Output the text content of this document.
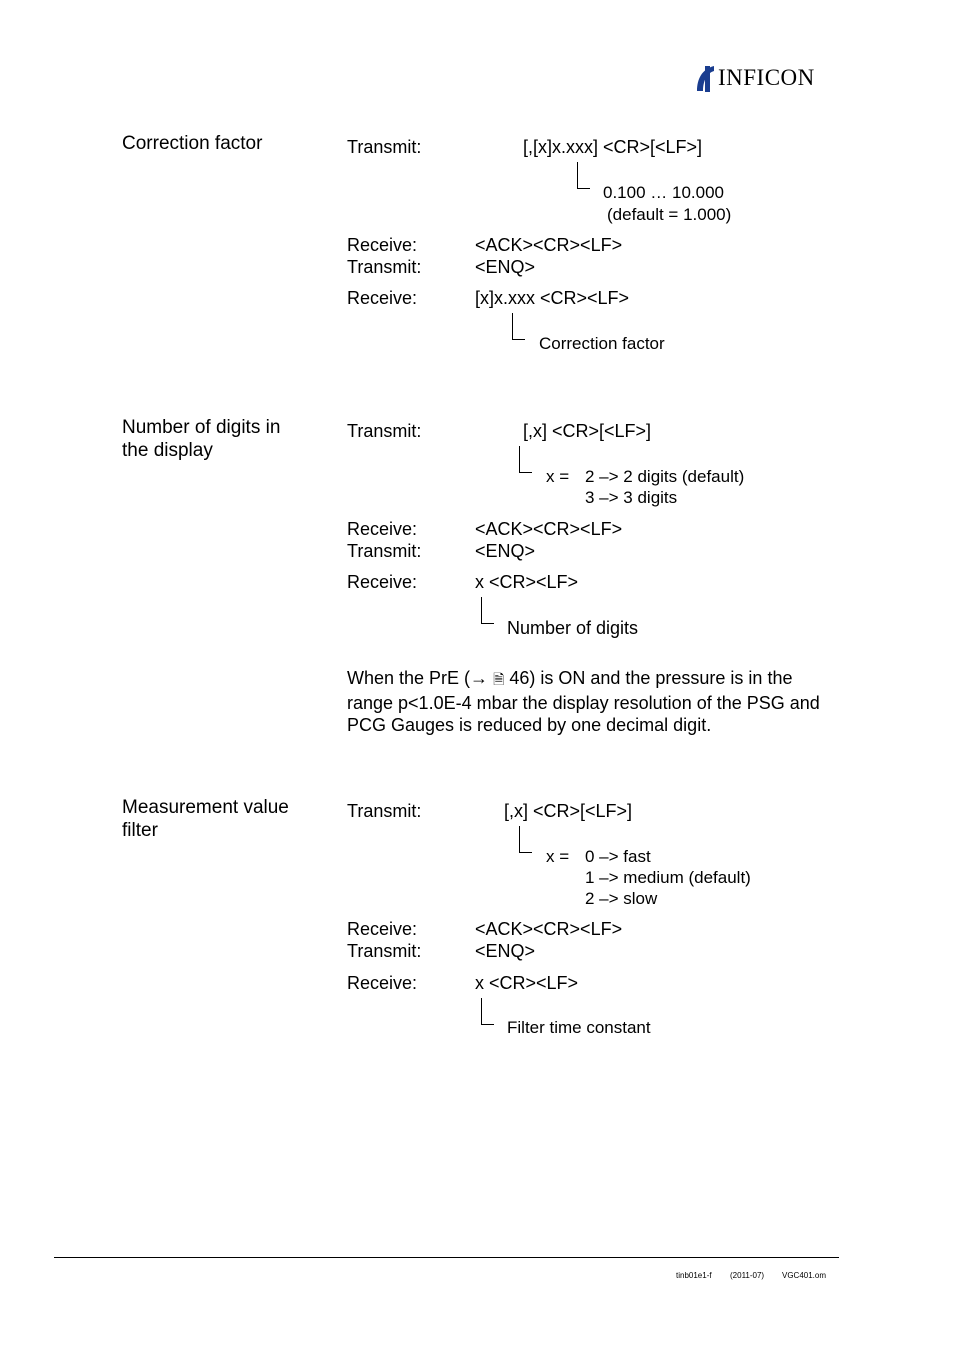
INFICON
Correction factor	Transmit:	[,[x]x.xxx] <CR>[<LF>]
0.100 … 10.000
(default = 1.000)
Receive:	<ACK><CR><LF>
Transmit:	<ENQ>
Receive:	[x]x.xxx <CR><LF>
Correction factor
Number of digits in
the display
Transmit:	[,x] <CR>[<LF>]
x = 2 –> 2 digits (default)
3 –> 3 digits
Receive:	<ACK><CR><LF>
Transmit:	<ENQ>
Receive:	x <CR><LF>
Number of digits
When the PrE (→ 🗎 46) is ON and the pressure is in the range p<1.0E-4 mbar the display resolution of the PSG and PCG Gauges is reduced by one decimal digit.
Measurement value
filter
Transmit:	[,x] <CR>[<LF>]
x = 0 –> fast
1 –> medium (default)
2 –> slow
Receive:	<ACK><CR><LF>
Transmit:	<ENQ>
Receive:	x <CR><LF>
Filter time constant
tinb01e1-f (2011-07) VGC401.om
